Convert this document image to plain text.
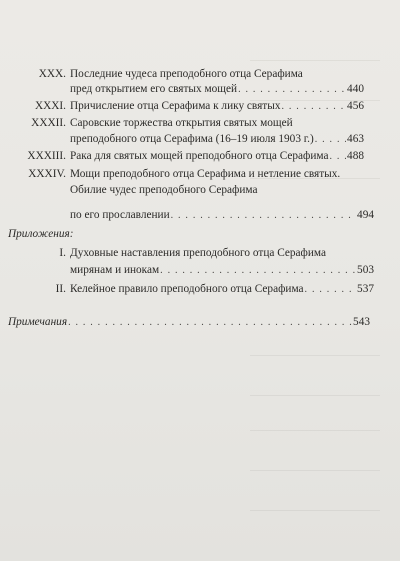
XXX. Последние чудеса преподобного отца Серафима
пред открытием его святых мощей . . .	440
XXXI. Причисление отца Серафима к лику святых . . .	456
XXXII. Саровские торжества открытия святых мощей
преподобного отца Серафима (16–19 июля 1903 г.) . . .	463
XXXIII. Рака для святых мощей преподобного отца Серафима . . . 488
XXXIV. Мощи преподобного отца Серафима и нетление святых.
Обилие чудес преподобного Серафима
по его прославлении . . .	494
Приложения:
I. Духовные наставления преподобного отца Серафима
мирянам и инокам . . .	503
II. Келейное правило преподобного отца Серафима . . .	537
Примечания . . .	543
